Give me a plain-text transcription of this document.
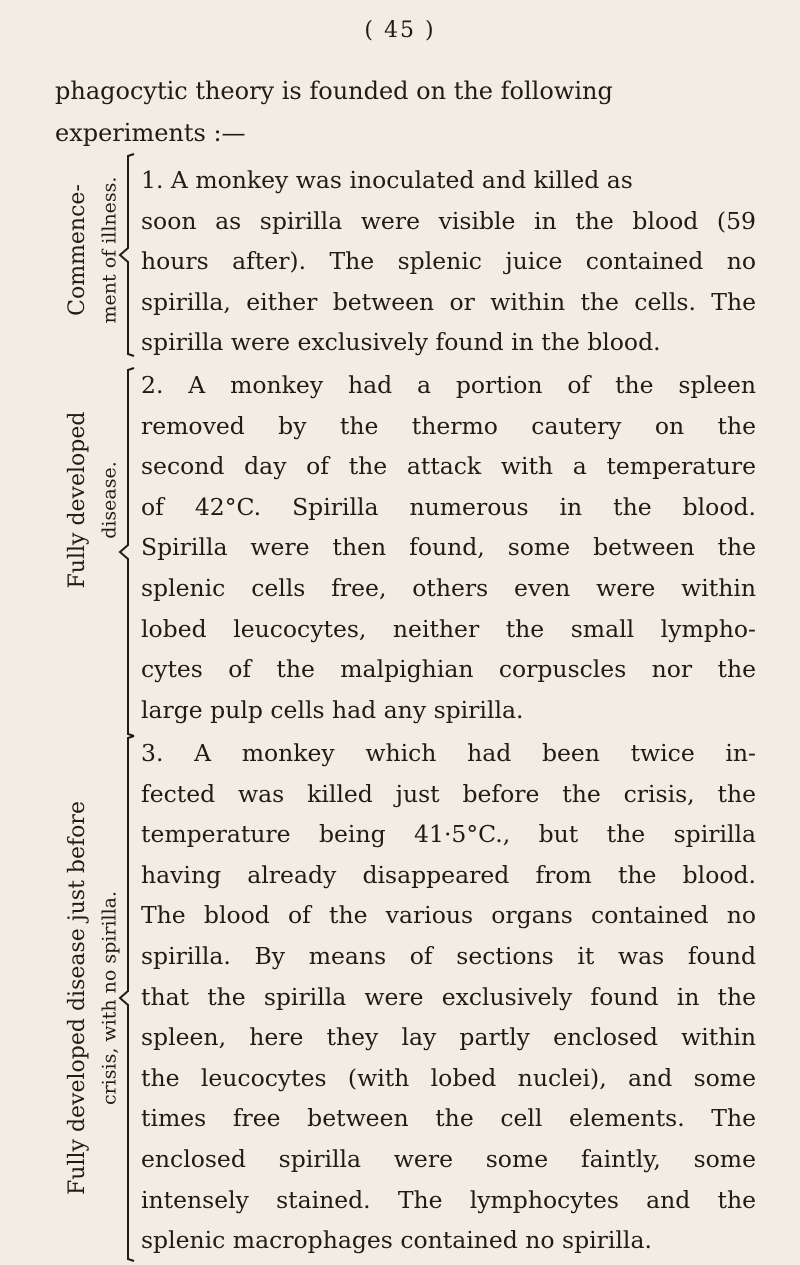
( 45 )
phagocytic theory is founded on the following
experiments :—
Commence- ment of illness. 1. A monkey was inoculated and killed as
soon as spirilla were visible in the blood (59
hours after). The splenic juice contained no
spirilla, either between or within the cells. The
spirilla were exclusively found in the blood.
Fully developed disease.
2. A monkey had a portion of the spleen
removed by the thermo cautery on the
second day of the attack with a temperature
of 42°C. Spirilla numerous in the blood.
Spirilla were then found, some between the
splenic cells free, others even were within
lobed leucocytes, neither the small lympho-
cytes of the malpighian corpuscles nor the
large pulp cells had any spirilla.
Fully developed disease just before crisis, with no spirilla.
3. A monkey which had been twice in-
fected was killed just before the crisis, the
temperature being 41·5°C., but the spirilla
having already disappeared from the blood.
The blood of the various organs contained no
spirilla. By means of sections it was found
that the spirilla were exclusively found in the
spleen, here they lay partly enclosed within
the leucocytes (with lobed nuclei), and some
times free between the cell elements. The
enclosed spirilla were some faintly, some
intensely stained. The lymphocytes and the
splenic macrophages contained no spirilla.
